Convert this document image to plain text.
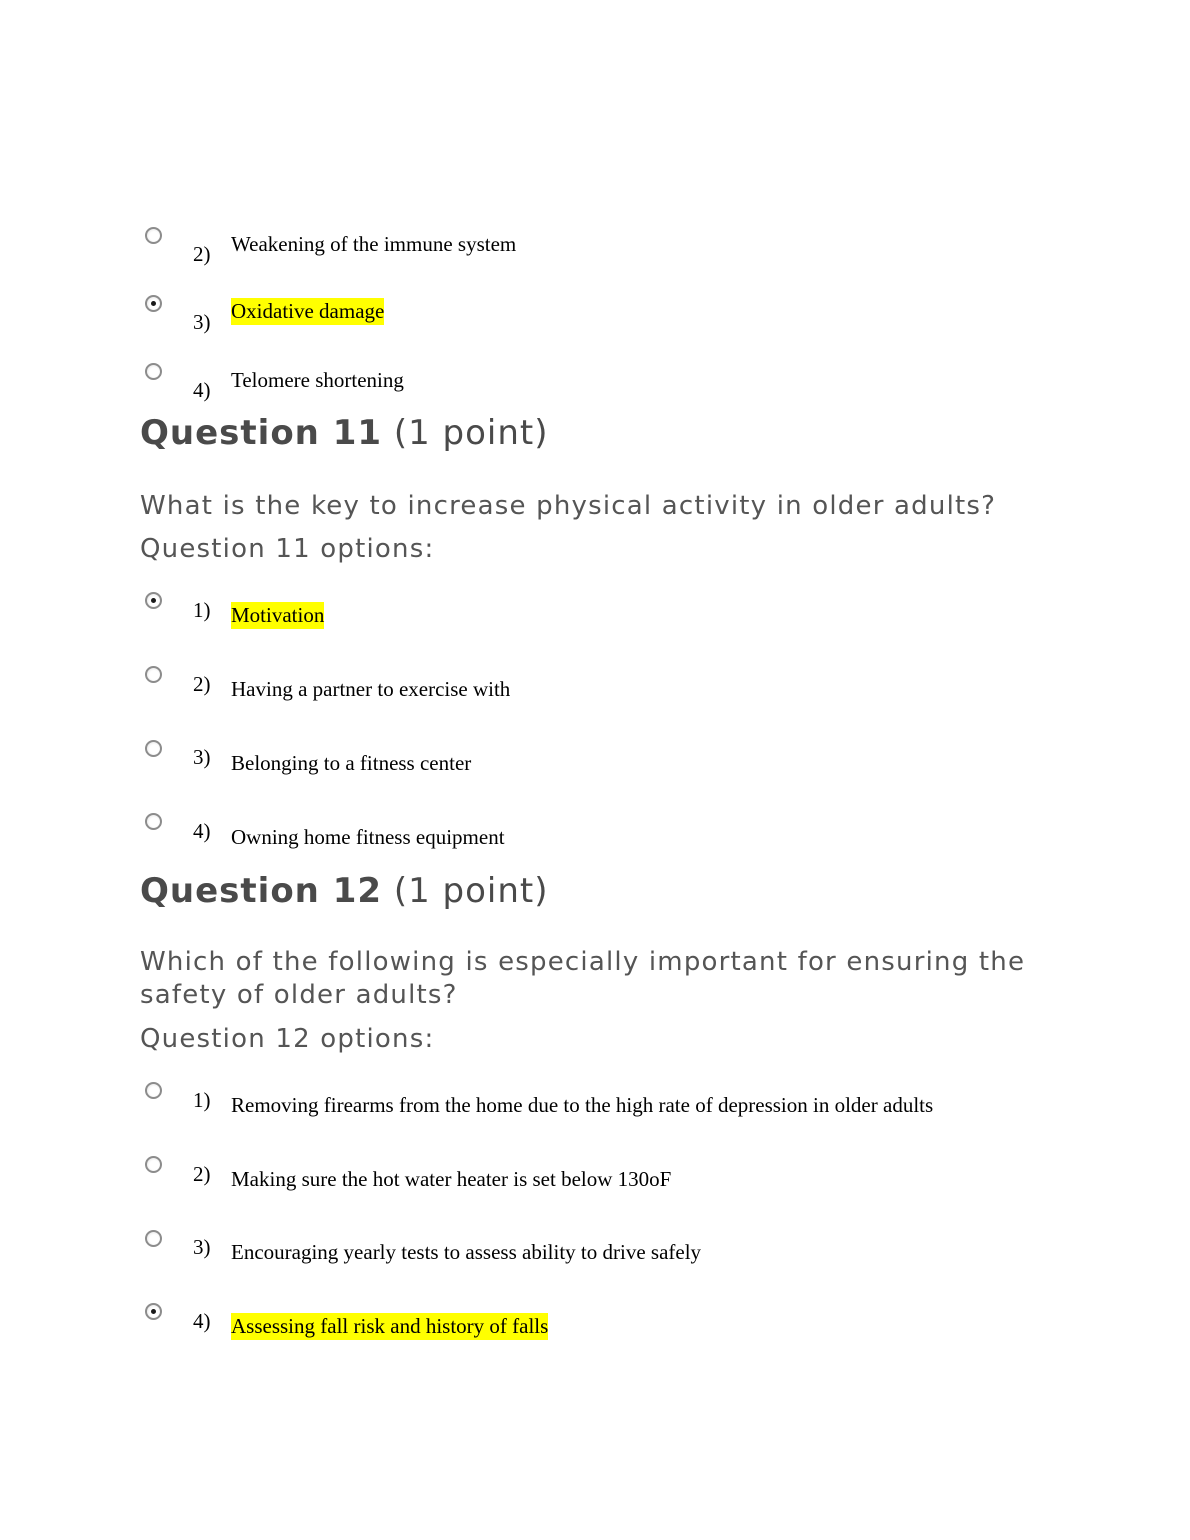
2) Weakening of the immune system
3) Oxidative damage
4) Telomere shortening
Question 11 (1 point)

What is the key to increase physical activity in older adults?

Question 11 options:

1) Motivation
2) Having a partner to exercise with
3) Belonging to a fitness center
4) Owning home fitness equipment
Question 12 (1 point)

Which of the following is especially important for ensuring the safety of older adults?

Question 12 options:

1) Removing firearms from the home due to the high rate of depression in older adults
2) Making sure the hot water heater is set below 130oF
3) Encouraging yearly tests to assess ability to drive safely
4) Assessing fall risk and history of falls
